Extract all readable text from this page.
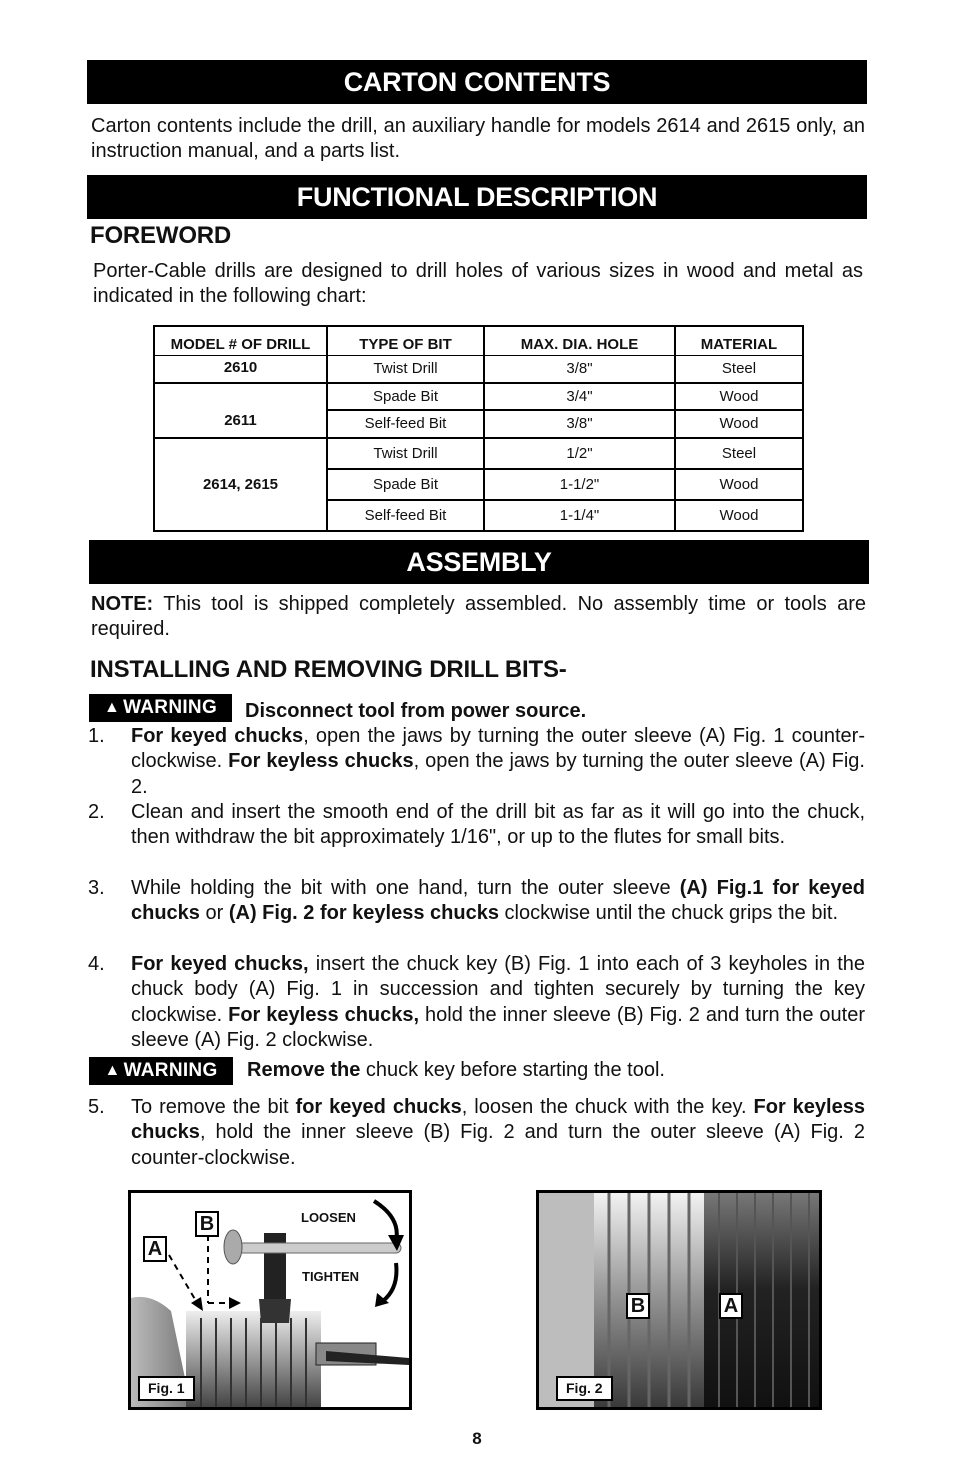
CARTON CONTENTS
Carton contents include the drill, an auxiliary handle for models 2614 and 2615 only, an instruction manual, and a parts list.
FUNCTIONAL DESCRIPTION
FOREWORD
Porter-Cable drills are designed to drill holes of various sizes in wood and metal as indicated in the following chart:
MODEL # OF DRILL	TYPE OF BIT	MAX. DIA. HOLE	MATERIAL
2610	Twist Drill	3/8"	Steel
2611	Spade Bit	3/4"	Wood
	Self-feed Bit	3/8"	Wood
2614, 2615	Twist Drill	1/2"	Steel
	Spade Bit	1-1/2"	Wood
	Self-feed Bit	1-1/4"	Wood
ASSEMBLY
NOTE: This tool is shipped completely assembled. No assembly time or tools are required.
INSTALLING AND REMOVING DRILL BITS-
▲ WARNING	Disconnect tool from power source.
1. For keyed chucks, open the jaws by turning the outer sleeve (A) Fig. 1 counter-clockwise. For keyless chucks, open the jaws by turning the outer sleeve (A) Fig. 2.
2. Clean and insert the smooth end of the drill bit as far as it will go into the chuck, then withdraw the bit approximately 1/16", or up to the flutes for small bits.
3. While holding the bit with one hand, turn the outer sleeve (A) Fig.1 for keyed chucks or (A) Fig. 2 for keyless chucks clockwise until the chuck grips the bit.
4. For keyed chucks, insert the chuck key (B) Fig. 1 into each of 3 keyholes in the chuck body (A) Fig. 1 in succession and tighten securely by turning the key clockwise. For keyless chucks, hold the inner sleeve (B) Fig. 2 and turn the outer sleeve (A) Fig. 2 clockwise.
▲ WARNING	Remove the chuck key before starting the tool.
5. To remove the bit for keyed chucks, loosen the chuck with the key. For keyless chucks, hold the inner sleeve (B) Fig. 2 and turn the outer sleeve (A) Fig. 2 counter-clockwise.
LOOSEN
TIGHTEN
B
A
Fig. 1
B	A
Fig. 2
8
